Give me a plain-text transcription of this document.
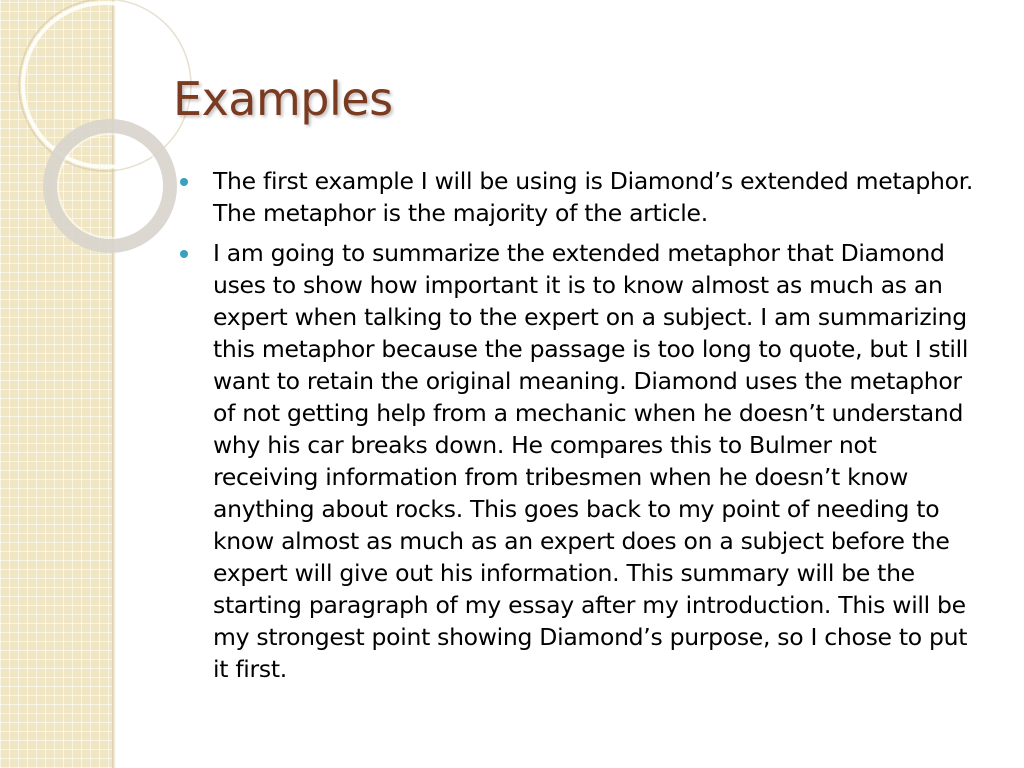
Examples
The first example I will be using is Diamond’s extended metaphor. The metaphor is the majority of the article.
I am going to summarize the extended metaphor that Diamond uses to show how important it is to know almost as much as an expert when talking to the expert on a subject. I am summarizing this metaphor because the passage is too long to quote, but I still want to retain the original meaning. Diamond uses the metaphor of not getting help from a mechanic when he doesn’t understand why his car breaks down. He compares this to Bulmer not receiving information from tribesmen when he doesn’t know anything about rocks. This goes back to my point of needing to know almost as much as an expert does on a subject before the expert will give out his information. This summary will be the starting paragraph of my essay after my introduction. This will be my strongest point showing Diamond’s purpose, so I chose to put it first.
